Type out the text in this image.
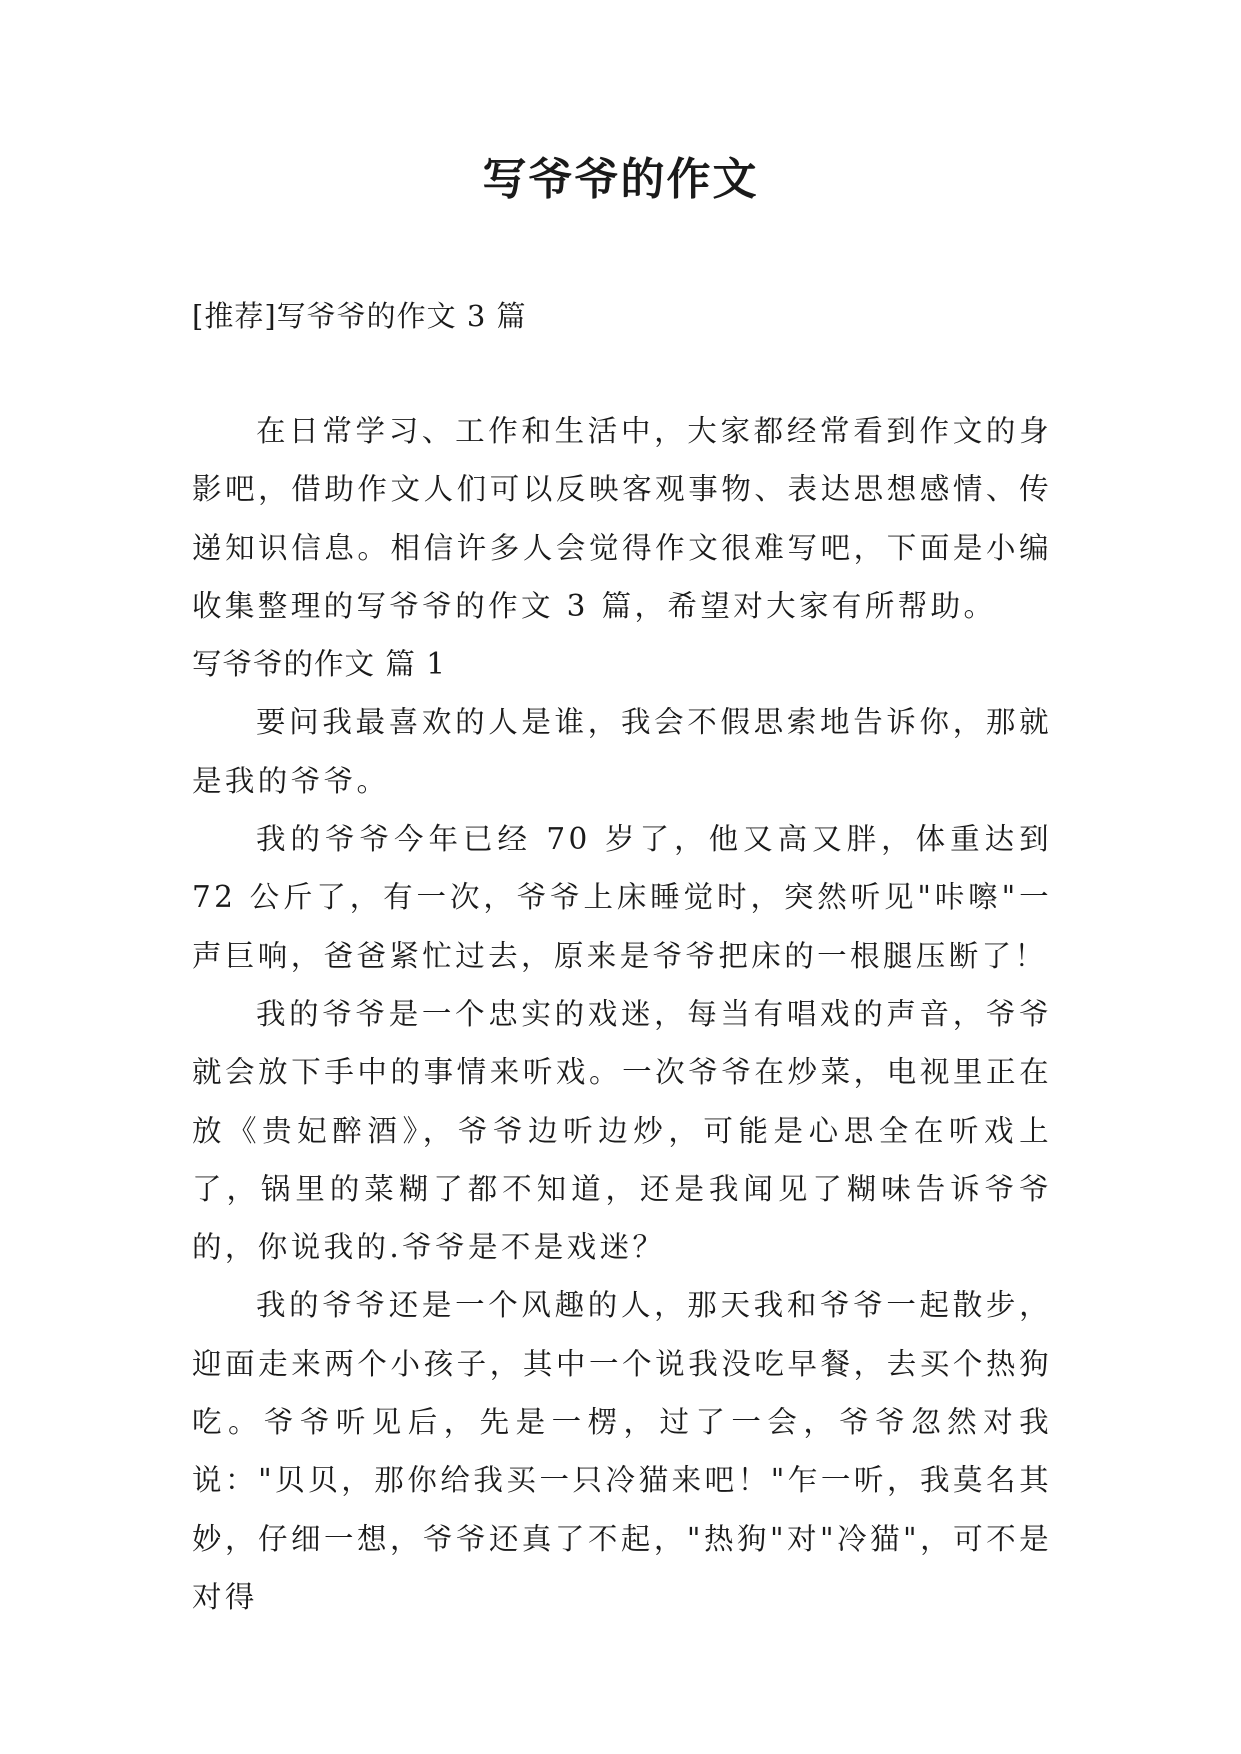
写爷爷的作文

[推荐]写爷爷的作文 3 篇

在日常学习、工作和生活中，大家都经常看到作文的身影吧，借助作文人们可以反映客观事物、表达思想感情、传递知识信息。相信许多人会觉得作文很难写吧，下面是小编收集整理的写爷爷的作文 3 篇，希望对大家有所帮助。

写爷爷的作文 篇 1

要问我最喜欢的人是谁，我会不假思索地告诉你，那就是我的爷爷。

我的爷爷今年已经 70 岁了，他又高又胖，体重达到 72 公斤了，有一次，爷爷上床睡觉时，突然听见"咔嚓"一声巨响，爸爸紧忙过去，原来是爷爷把床的一根腿压断了！

我的爷爷是一个忠实的戏迷，每当有唱戏的声音，爷爷就会放下手中的事情来听戏。一次爷爷在炒菜，电视里正在放《贵妃醉酒》，爷爷边听边炒，可能是心思全在听戏上了，锅里的菜糊了都不知道，还是我闻见了糊味告诉爷爷的，你说我的.爷爷是不是戏迷？

我的爷爷还是一个风趣的人，那天我和爷爷一起散步，迎面走来两个小孩子，其中一个说我没吃早餐，去买个热狗吃。爷爷听见后，先是一楞，过了一会，爷爷忽然对我说："贝贝，那你给我买一只冷猫来吧！"乍一听，我莫名其妙，仔细一想，爷爷还真了不起，"热狗"对"冷猫"，可不是对得
